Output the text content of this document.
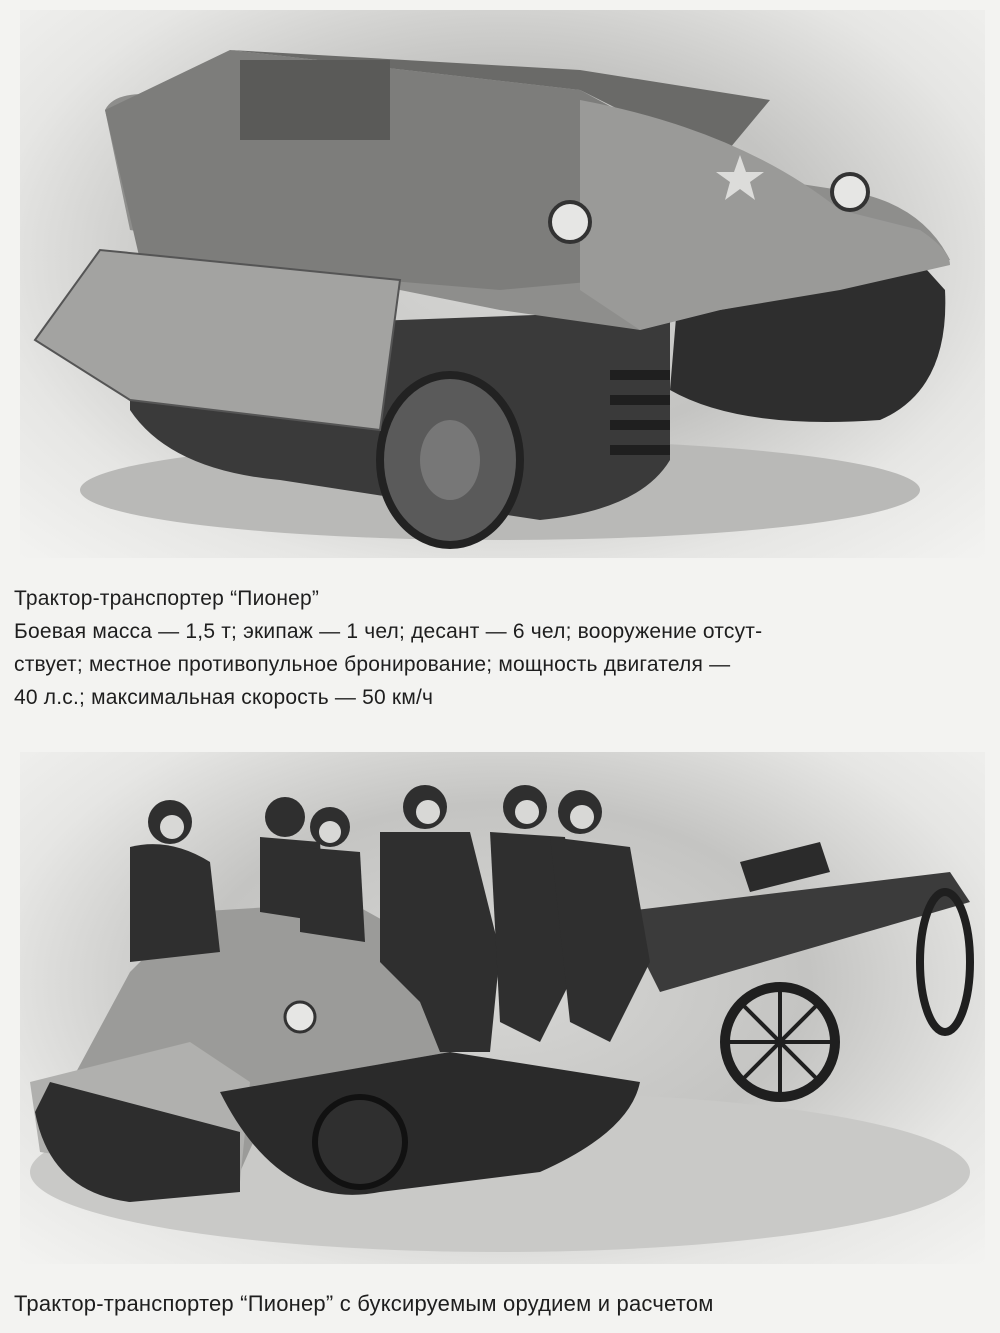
Трактор-транспортер “Пионер”
Боевая масса — 1,5 т; экипаж — 1 чел; десант — 6 чел; вооружение отсут-
ствует; местное противопульное бронирование; мощность двигателя —
40 л.с.; максимальная скорость — 50 км/ч
Трактор-транспортер “Пионер” с буксируемым орудием и расчетом
